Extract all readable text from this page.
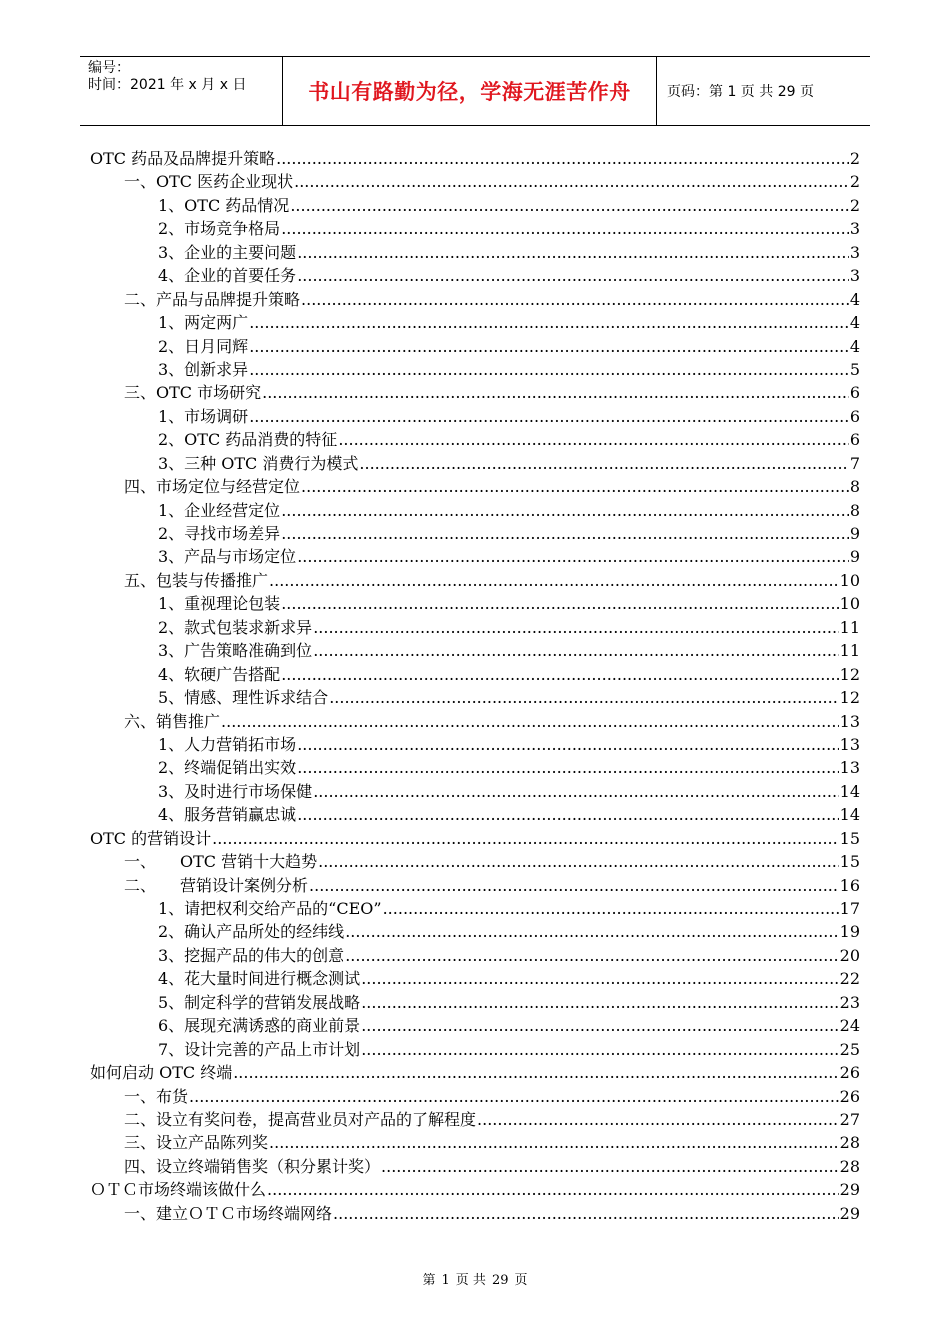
编号：
时间：2021 年 x 月 x 日	书山有路勤为径，学海无涯苦作舟	页码：第 1 页 共 29 页
OTC 药品及品牌提升策略 .....	2
一、OTC 医药企业现状 .....	2
1、OTC 药品情况 .....	2
2、市场竞争格局 .....	3
3、企业的主要问题 .....	3
4、企业的首要任务 .....	3
二、产品与品牌提升策略 .....	4
1、两定两广 .....	4
2、日月同辉 .....	4
3、创新求异 .....	5
三、OTC 市场研究 .....	6
1、市场调研 .....	6
2、OTC 药品消费的特征 .....	6
3、三种 OTC 消费行为模式 .....	7
四、市场定位与经营定位 .....	8
1、企业经营定位 .....	8
2、寻找市场差异 .....	9
3、产品与市场定位 .....	9
五、包装与传播推广 .....	10
1、重视理论包装 .....	10
2、款式包装求新求异 .....	11
3、广告策略准确到位 .....	11
4、软硬广告搭配 .....	12
5、情感、理性诉求结合 .....	12
六、销售推广 .....	13
1、人力营销拓市场 .....	13
2、终端促销出实效 .....	13
3、及时进行市场保健 .....	14
4、服务营销赢忠诚 .....	14
OTC 的营销设计 .....	15
一、　　OTC 营销十大趋势 .....	15
二、　　营销设计案例分析 .....	16
1、请把权利交给产品的“CEO” .....	17
2、确认产品所处的经纬线 .....	19
3、挖掘产品的伟大的创意 .....	20
4、花大量时间进行概念测试 .....	22
5、制定科学的营销发展战略 .....	23
6、展现充满诱惑的商业前景 .....	24
7、设计完善的产品上市计划 .....	25
如何启动 OTC 终端 .....	26
一、布货 .....	26
二、设立有奖问卷，提高营业员对产品的了解程度 .....	27
三、设立产品陈列奖 .....	28
四、设立终端销售奖（积分累计奖） .....	28
ＯＴＣ市场终端该做什么 .....	29
一、建立ＯＴＣ市场终端网络 .....	29
第 1 页 共 29 页
